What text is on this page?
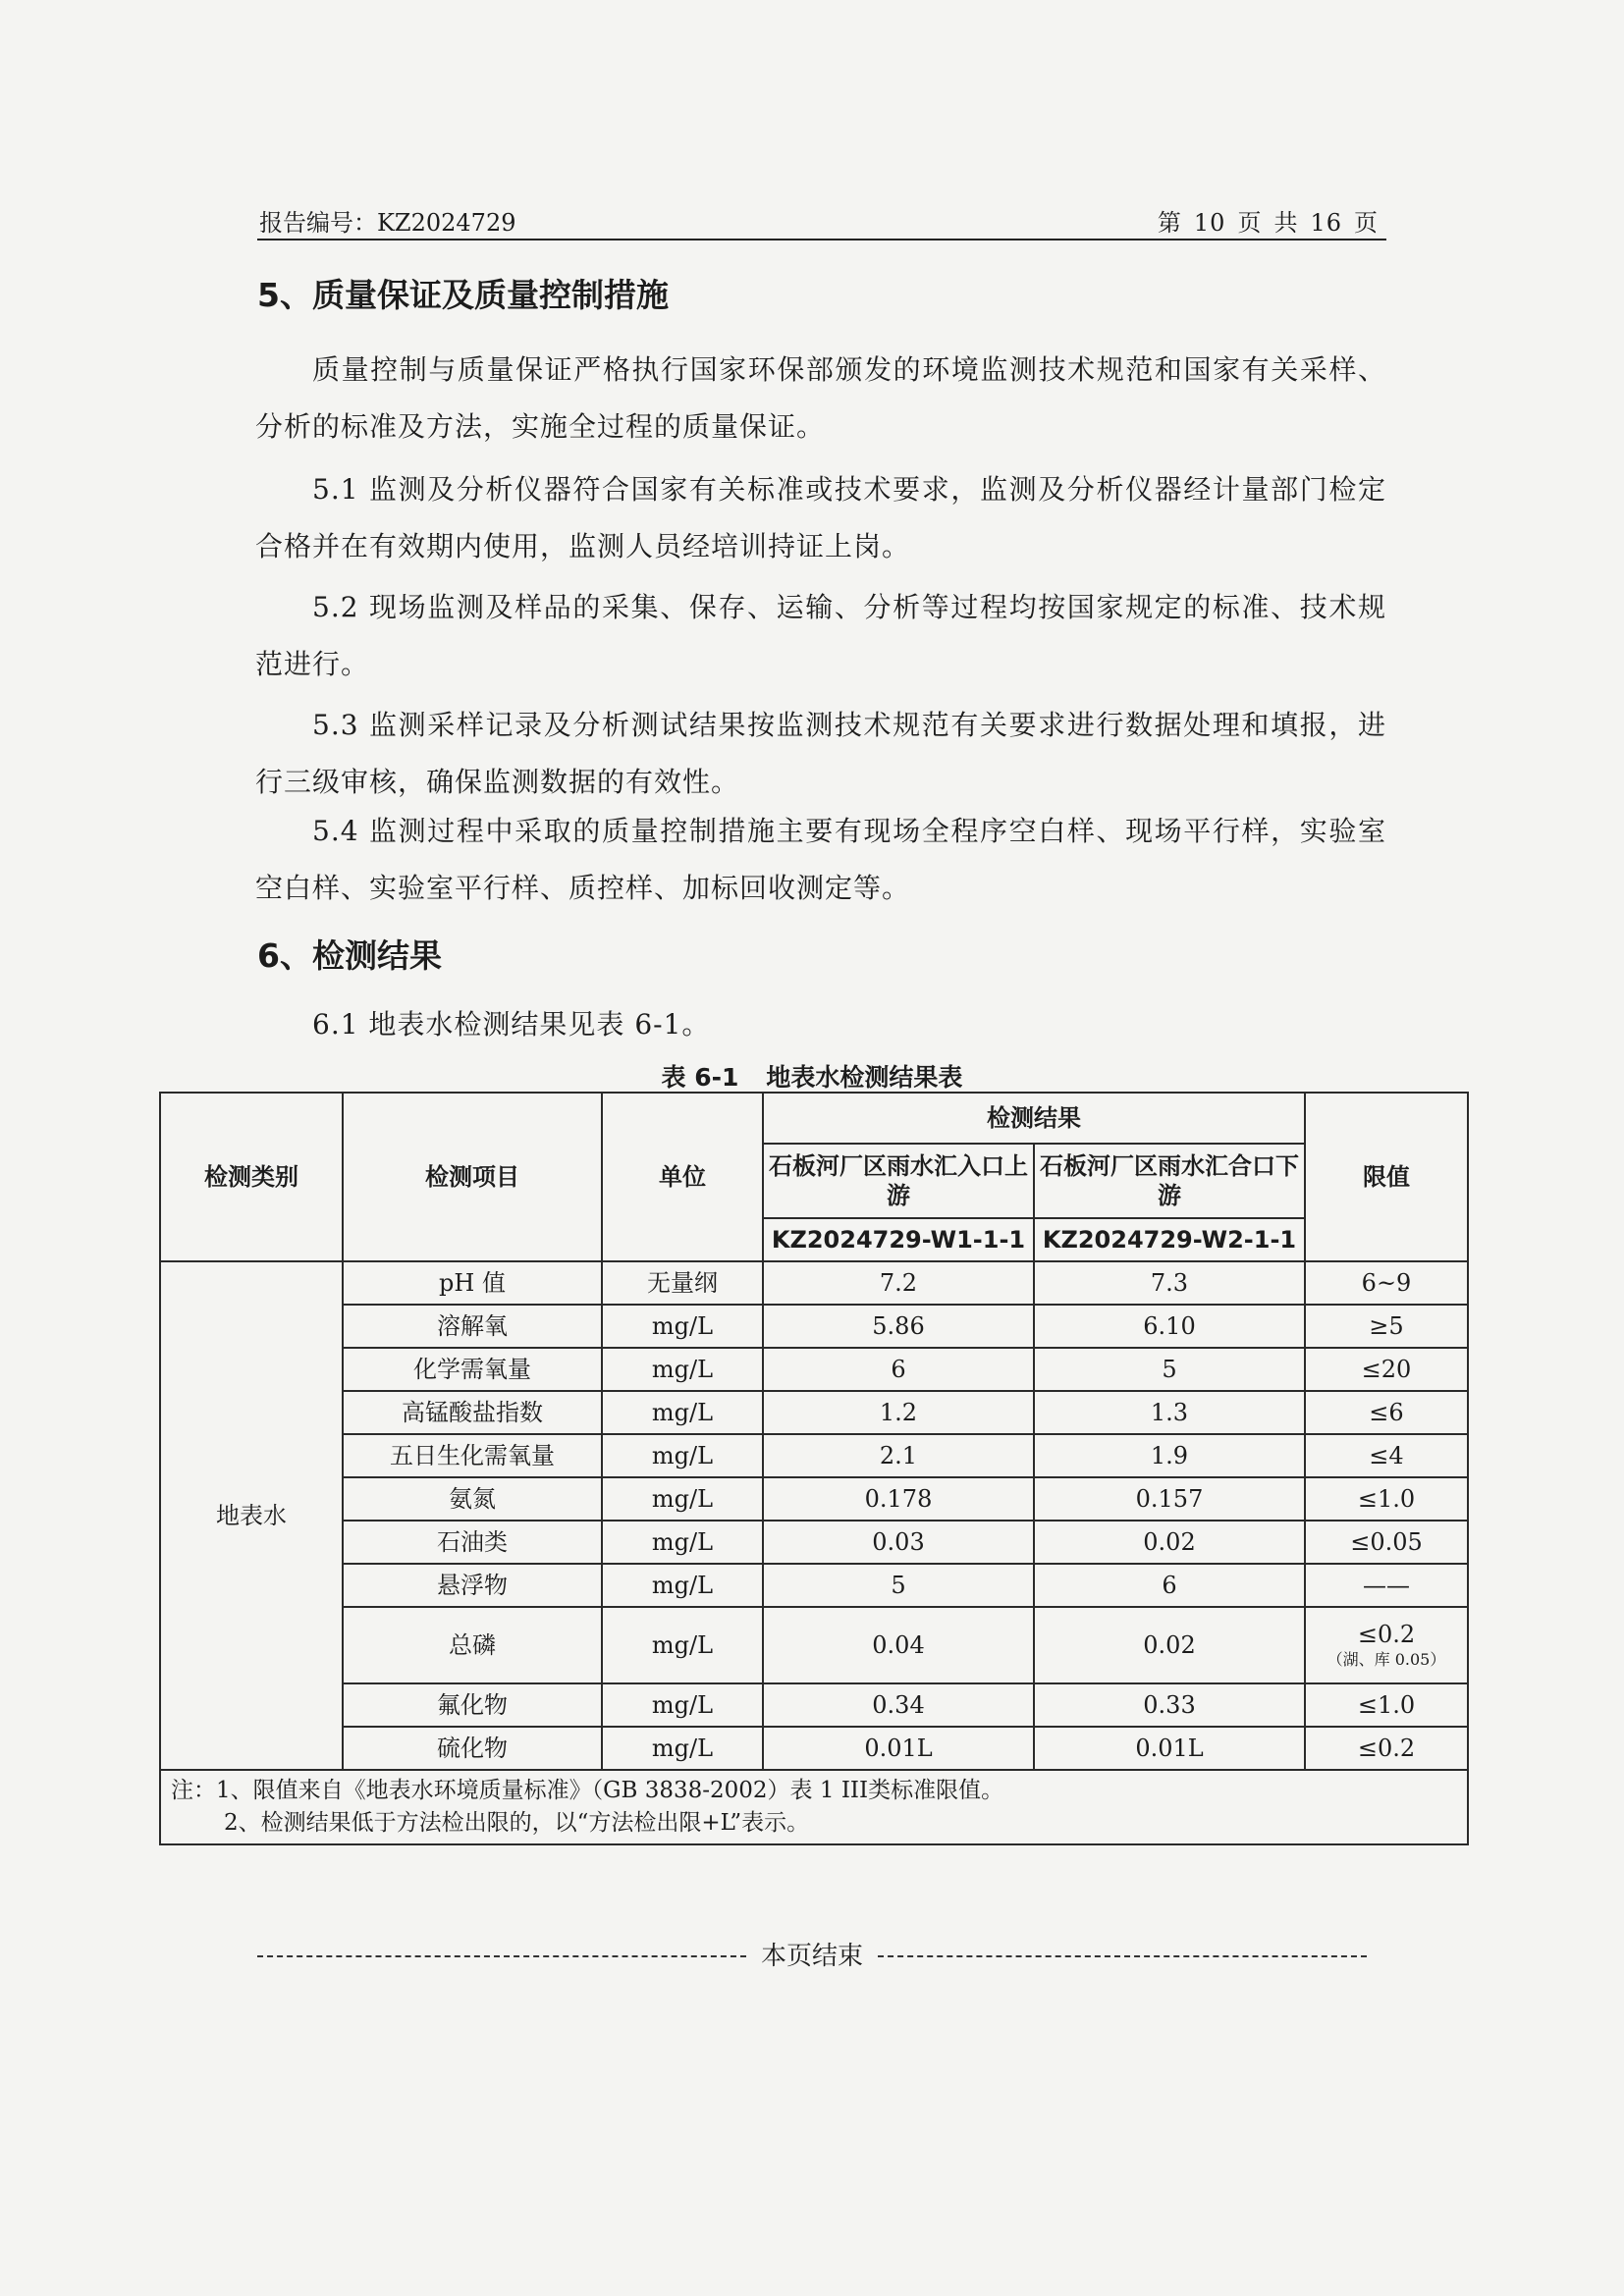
报告编号：KZ2024729	第 10 页 共 16 页
5、质量保证及质量控制措施

质量控制与质量保证严格执行国家环保部颁发的环境监测技术规范和国家有关采样、分析的标准及方法，实施全过程的质量保证。

5.1 监测及分析仪器符合国家有关标准或技术要求，监测及分析仪器经计量部门检定合格并在有效期内使用，监测人员经培训持证上岗。

5.2 现场监测及样品的采集、保存、运输、分析等过程均按国家规定的标准、技术规范进行。

5.3 监测采样记录及分析测试结果按监测技术规范有关要求进行数据处理和填报，进行三级审核，确保监测数据的有效性。

5.4 监测过程中采取的质量控制措施主要有现场全程序空白样、现场平行样，实验室空白样、实验室平行样、质控样、加标回收测定等。

6、检测结果

6.1 地表水检测结果见表 6-1。

表 6-1 地表水检测结果表
检测类别	检测项目	单位	检测结果		限值
			石板河厂区雨水汇入口上游	石板河厂区雨水汇合口下游	
			KZ2024729-W1-1-1	KZ2024729-W2-1-1	
地表水	pH 值	无量纲	7.2	7.3	6~9
	溶解氧	mg/L	5.86	6.10	≥5
	化学需氧量	mg/L	6	5	≤20
	高锰酸盐指数	mg/L	1.2	1.3	≤6
	五日生化需氧量	mg/L	2.1	1.9	≤4
	氨氮	mg/L	0.178	0.157	≤1.0
	石油类	mg/L	0.03	0.02	≤0.05
	悬浮物	mg/L	5	6	——
	总磷	mg/L	0.04	0.02	≤0.2
（湖、库 0.05）

	氟化物	mg/L	0.34	0.33	≤1.0
	硫化物	mg/L	0.01L	0.01L	≤0.2

注：1、限值来自《地表水环境质量标准》（GB 3838-2002）表 1 III类标准限值。
2、检测结果低于方法检出限的，以“方法检出限+L”表示。					
本页结束
